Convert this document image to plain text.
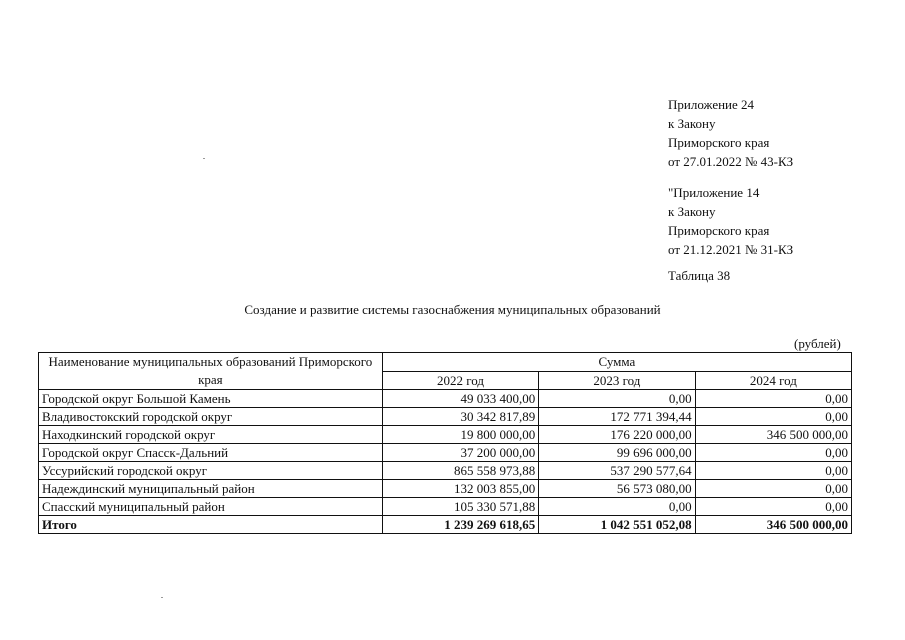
Приложение 24
к Закону
Приморского края
от 27.01.2022 № 43-КЗ
"Приложение 14
к Закону
Приморского края
от 21.12.2021 № 31-КЗ
Таблица 38
Создание и развитие системы газоснабжения муниципальных образований
(рублей)
Наименование муниципальных образований Приморского края	Сумма		
	2022 год	2023 год	2024 год
Городской округ Большой Камень	49 033 400,00	0,00	0,00
Владивостокский городской округ	30 342 817,89	172 771 394,44	0,00
Находкинский городской округ	19 800 000,00	176 220 000,00	346 500 000,00
Городской округ Спасск-Дальний	37 200 000,00	99 696 000,00	0,00
Уссурийский городской округ	865 558 973,88	537 290 577,64	0,00
Надеждинский муниципальный район	132 003 855,00	56 573 080,00	0,00
Спасский муниципальный район	105 330 571,88	0,00	0,00
Итого	1 239 269 618,65	1 042 551 052,08	346 500 000,00
